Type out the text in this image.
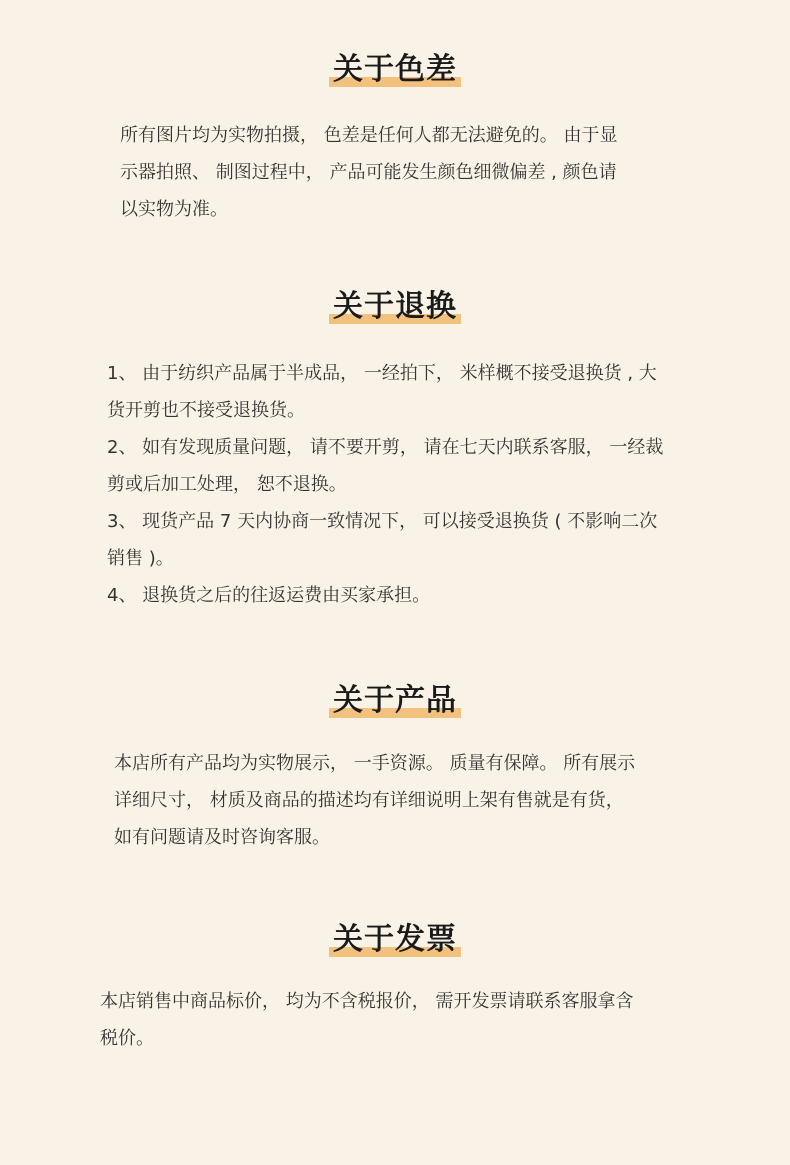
关于色差
所有图片均为实物拍摄， 色差是任何人都无法避免的。 由于显
示器拍照、 制图过程中， 产品可能发生颜色细微偏差 , 颜色请
以实物为准。
关于退换
1、 由于纺织产品属于半成品， 一经拍下， 米样概不接受退换货 , 大
货开剪也不接受退换货。
2、 如有发现质量问题， 请不要开剪， 请在七天内联系客服， 一经裁
剪或后加工处理， 恕不退换。
3、 现货产品 7 天内协商一致情况下， 可以接受退换货 ( 不影响二次
销售 )。
4、 退换货之后的往返运费由买家承担。
关于产品
本店所有产品均为实物展示， 一手资源。 质量有保障。 所有展示
详细尺寸， 材质及商品的描述均有详细说明上架有售就是有货，
如有问题请及时咨询客服。
关于发票
本店销售中商品标价， 均为不含税报价， 需开发票请联系客服拿含
税价。
